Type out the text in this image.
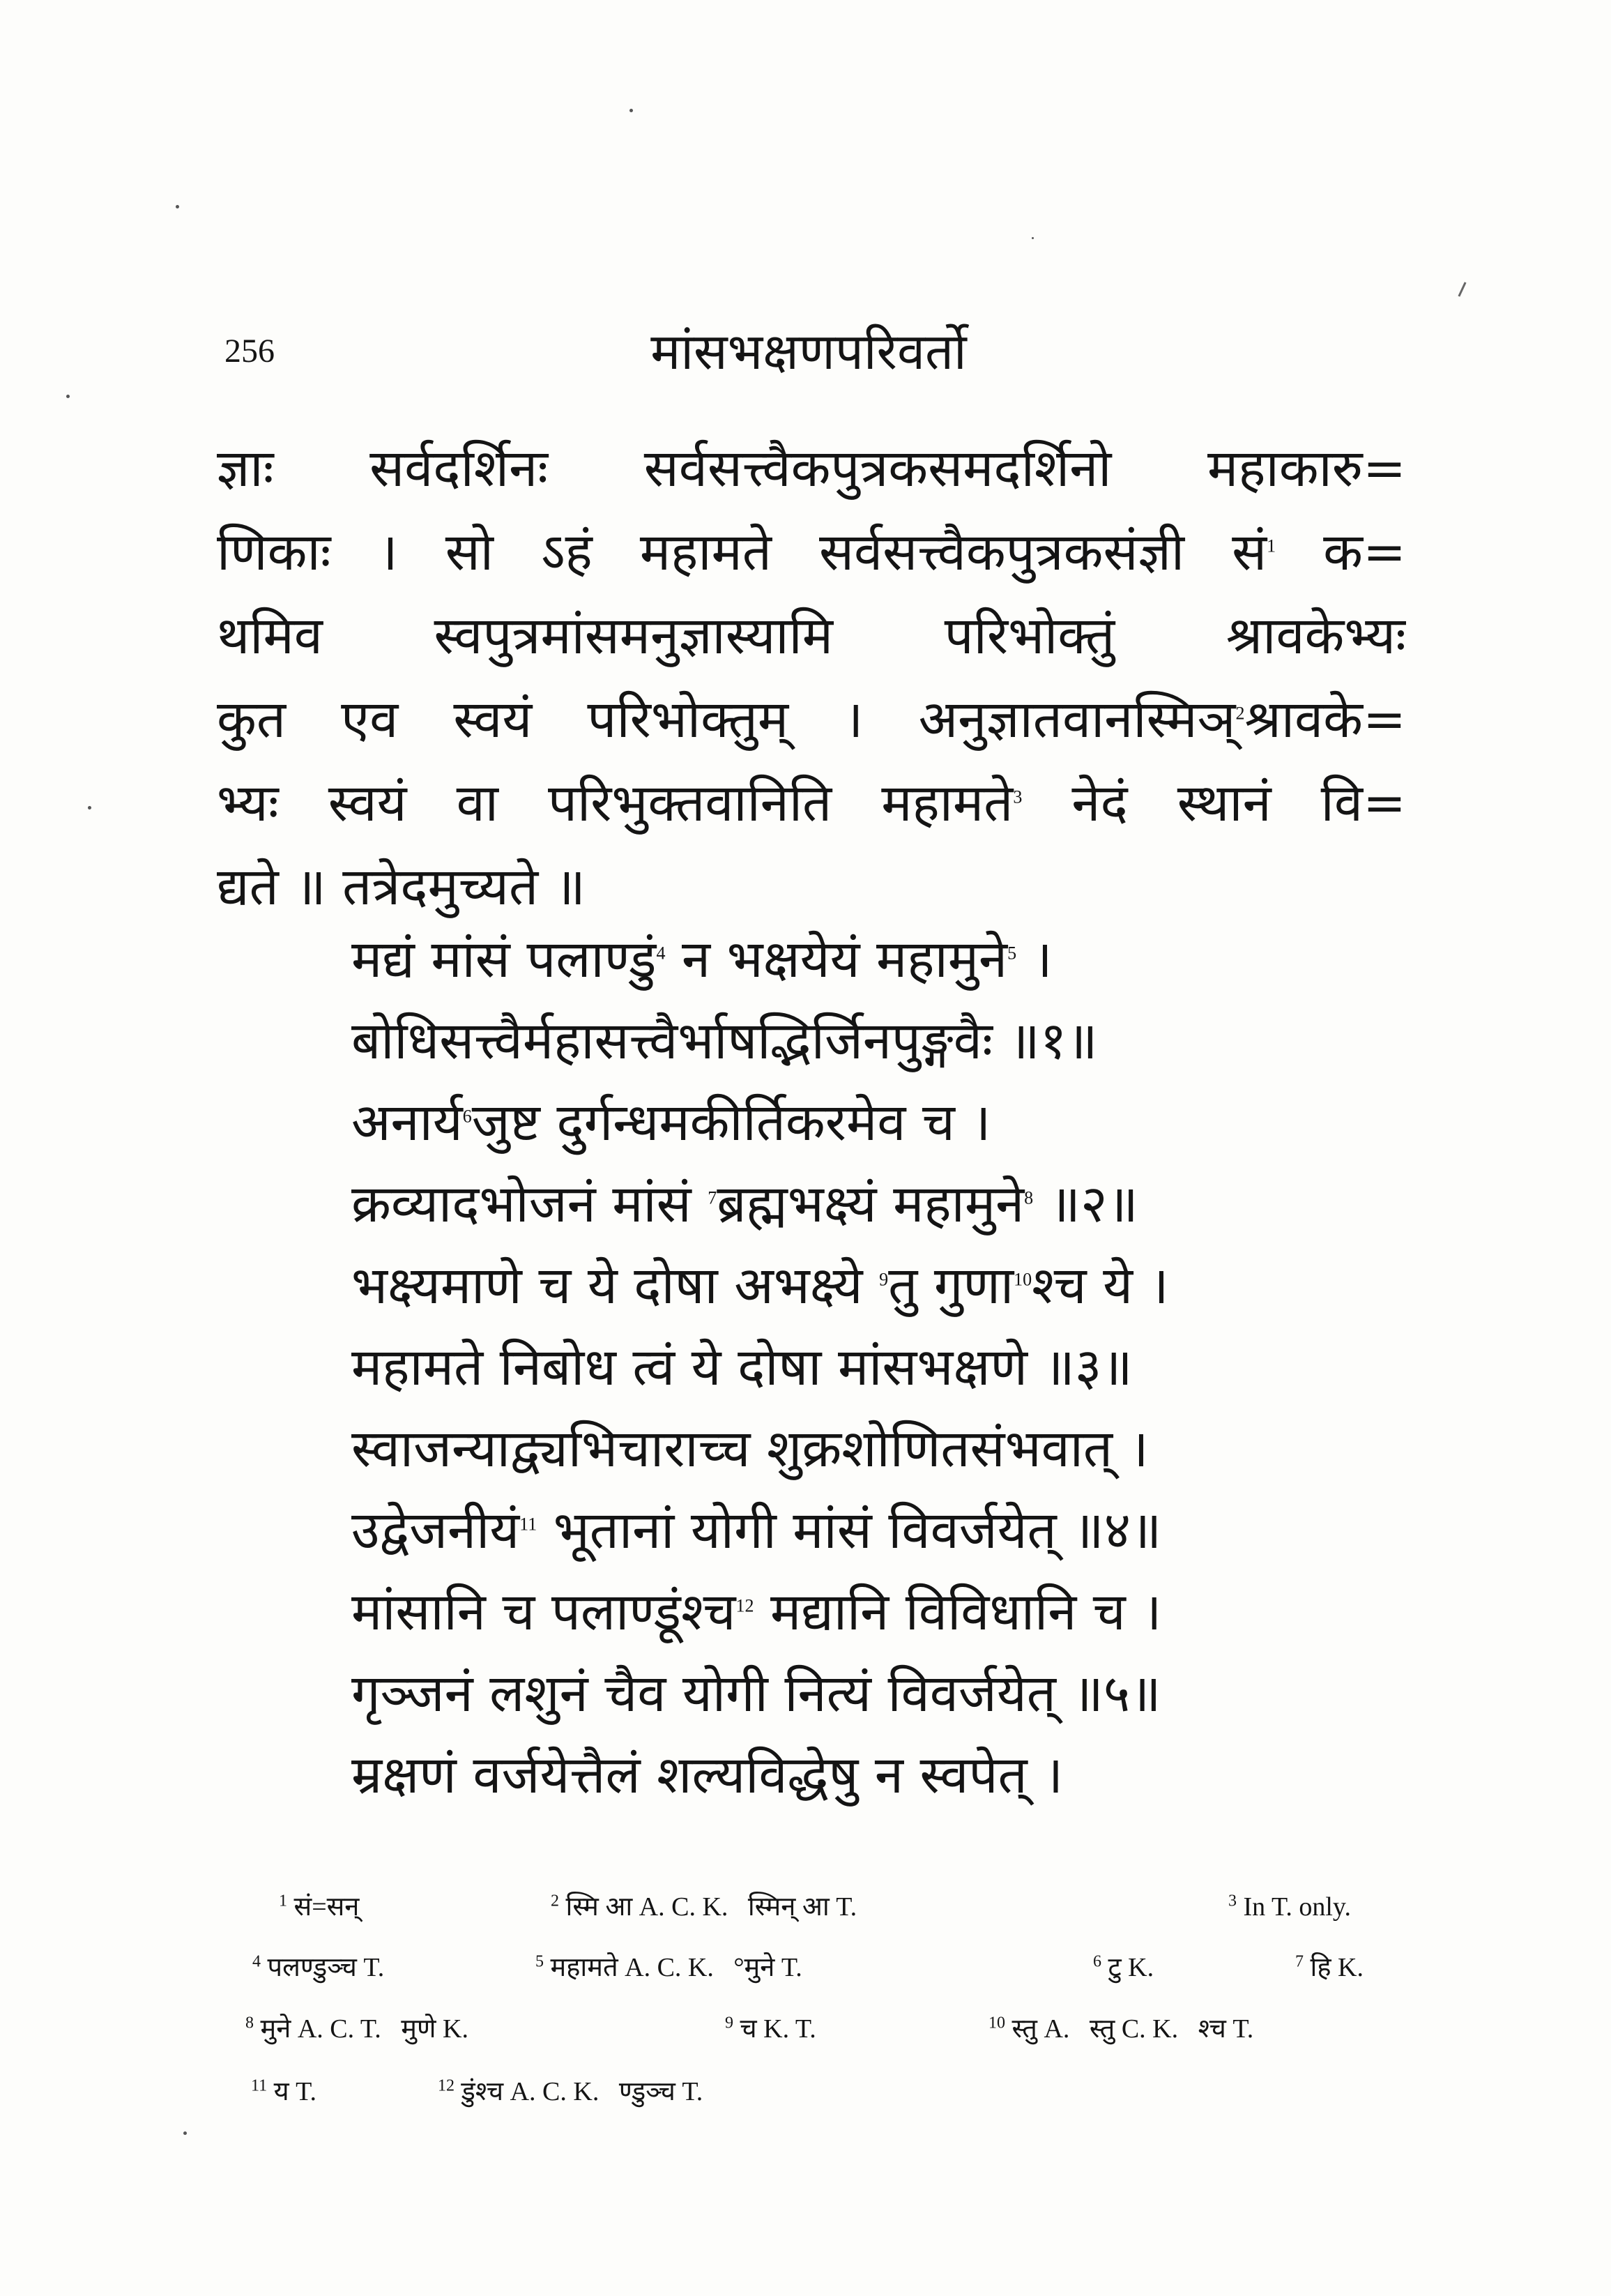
256	मांसभक्षणपरिवर्तो
ज्ञाः सर्वदर्शिनः सर्वसत्त्वैकपुत्रकसमदर्शिनो महाकारु=
णिकाः । सो ऽहं महामते सर्वसत्त्वैकपुत्रकसंज्ञी सं$^1$ क=
थमिव स्वपुत्रमांसमनुज्ञास्यामि परिभोक्तुं श्रावकेभ्यः
कुत एव स्वयं परिभोक्तुम् । अनुज्ञातवानस्मिञ्$^2$श्रावके=
भ्यः स्वयं वा परिभुक्तवानिति महामते$^3$ नेदं स्थानं वि=
द्यते ॥ तत्रेदमुच्यते ॥
मद्यं मांसं पलाण्डुं$^4$ न भक्षयेयं महामुने$^5$ ।
बोधिसत्त्वैर्महासत्त्वैर्भाषद्भिर्जिनपुङ्गवैः ॥१॥
अनार्य$^6$जुष्ट दुर्गन्धमकीर्तिकरमेव च ।
क्रव्यादभोजनं मांसं $^7$ब्रह्मभक्ष्यं महामुने$^8$ ॥२॥
भक्ष्यमाणे च ये दोषा अभक्ष्ये $^9$तु गुणा$^{10}$श्च ये ।
महामते निबोध त्वं ये दोषा मांसभक्षणे ॥३॥
स्वाजन्याद्व्यभिचाराच्च शुक्रशोणितसंभवात् ।
उद्वेजनीयं$^{11}$ भूतानां योगी मांसं विवर्जयेत् ॥४॥
मांसानि च पलाण्डूंश्च$^{12}$ मद्यानि विविधानि च ।
गृञ्जनं लशुनं चैव योगी नित्यं विवर्जयेत् ॥५॥
म्रक्षणं वर्जयेत्तैलं शल्यविद्धेषु न स्वपेत् ।
$^1$ सं=सन्	$^2$ स्मि आ A. C. K.   स्मिन् आ T.	$^3$ In T. only.
$^4$ पलण्डुञ्च T.	$^5$ महामते A. C. K.   °मुने T.	$^6$ टु K.	$^7$ हि K.
$^8$ मुने A. C. T.   मुणे K.	$^9$ च K. T.	$^{10}$ स्तु A.   स्तु C. K.   श्च T.
$^{11}$ य T.	$^{12}$ डुंश्च A. C. K.   ण्डुञ्च T.
